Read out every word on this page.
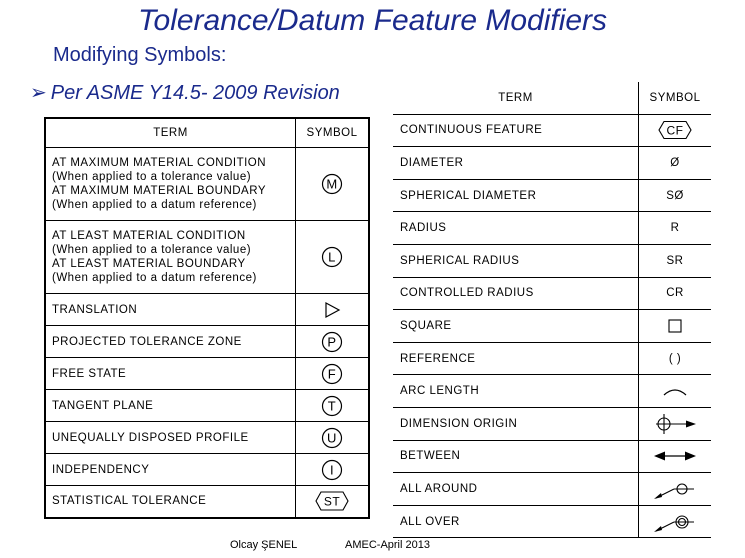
Tolerance/Datum Feature Modifiers
Modifying Symbols:
➢ Per ASME Y14.5- 2009 Revision
TERM	SYMBOL

AT MAXIMUM MATERIAL CONDITION
(When applied to a tolerance value)
AT MAXIMUM MATERIAL BOUNDARY
(When applied to a datum reference)	M

AT LEAST MATERIAL CONDITION
(When applied to a tolerance value)
AT LEAST MATERIAL BOUNDARY
(When applied to a datum reference)	L

TRANSLATION	

PROJECTED TOLERANCE ZONE	P

FREE STATE	F

TANGENT PLANE	T

UNEQUALLY DISPOSED PROFILE	U

INDEPENDENCY	I

STATISTICAL TOLERANCE	ST
TERM	SYMBOL
CONTINUOUS FEATURE	CF

DIAMETER	Ø
SPHERICAL DIAMETER	SØ
RADIUS	R
SPHERICAL RADIUS	SR
CONTROLLED RADIUS	CR
SQUARE	

REFERENCE	( )
ARC LENGTH	

DIMENSION ORIGIN	

BETWEEN	

ALL AROUND	

ALL OVER	
Olcay ŞENEL	AMEC-April 2013
